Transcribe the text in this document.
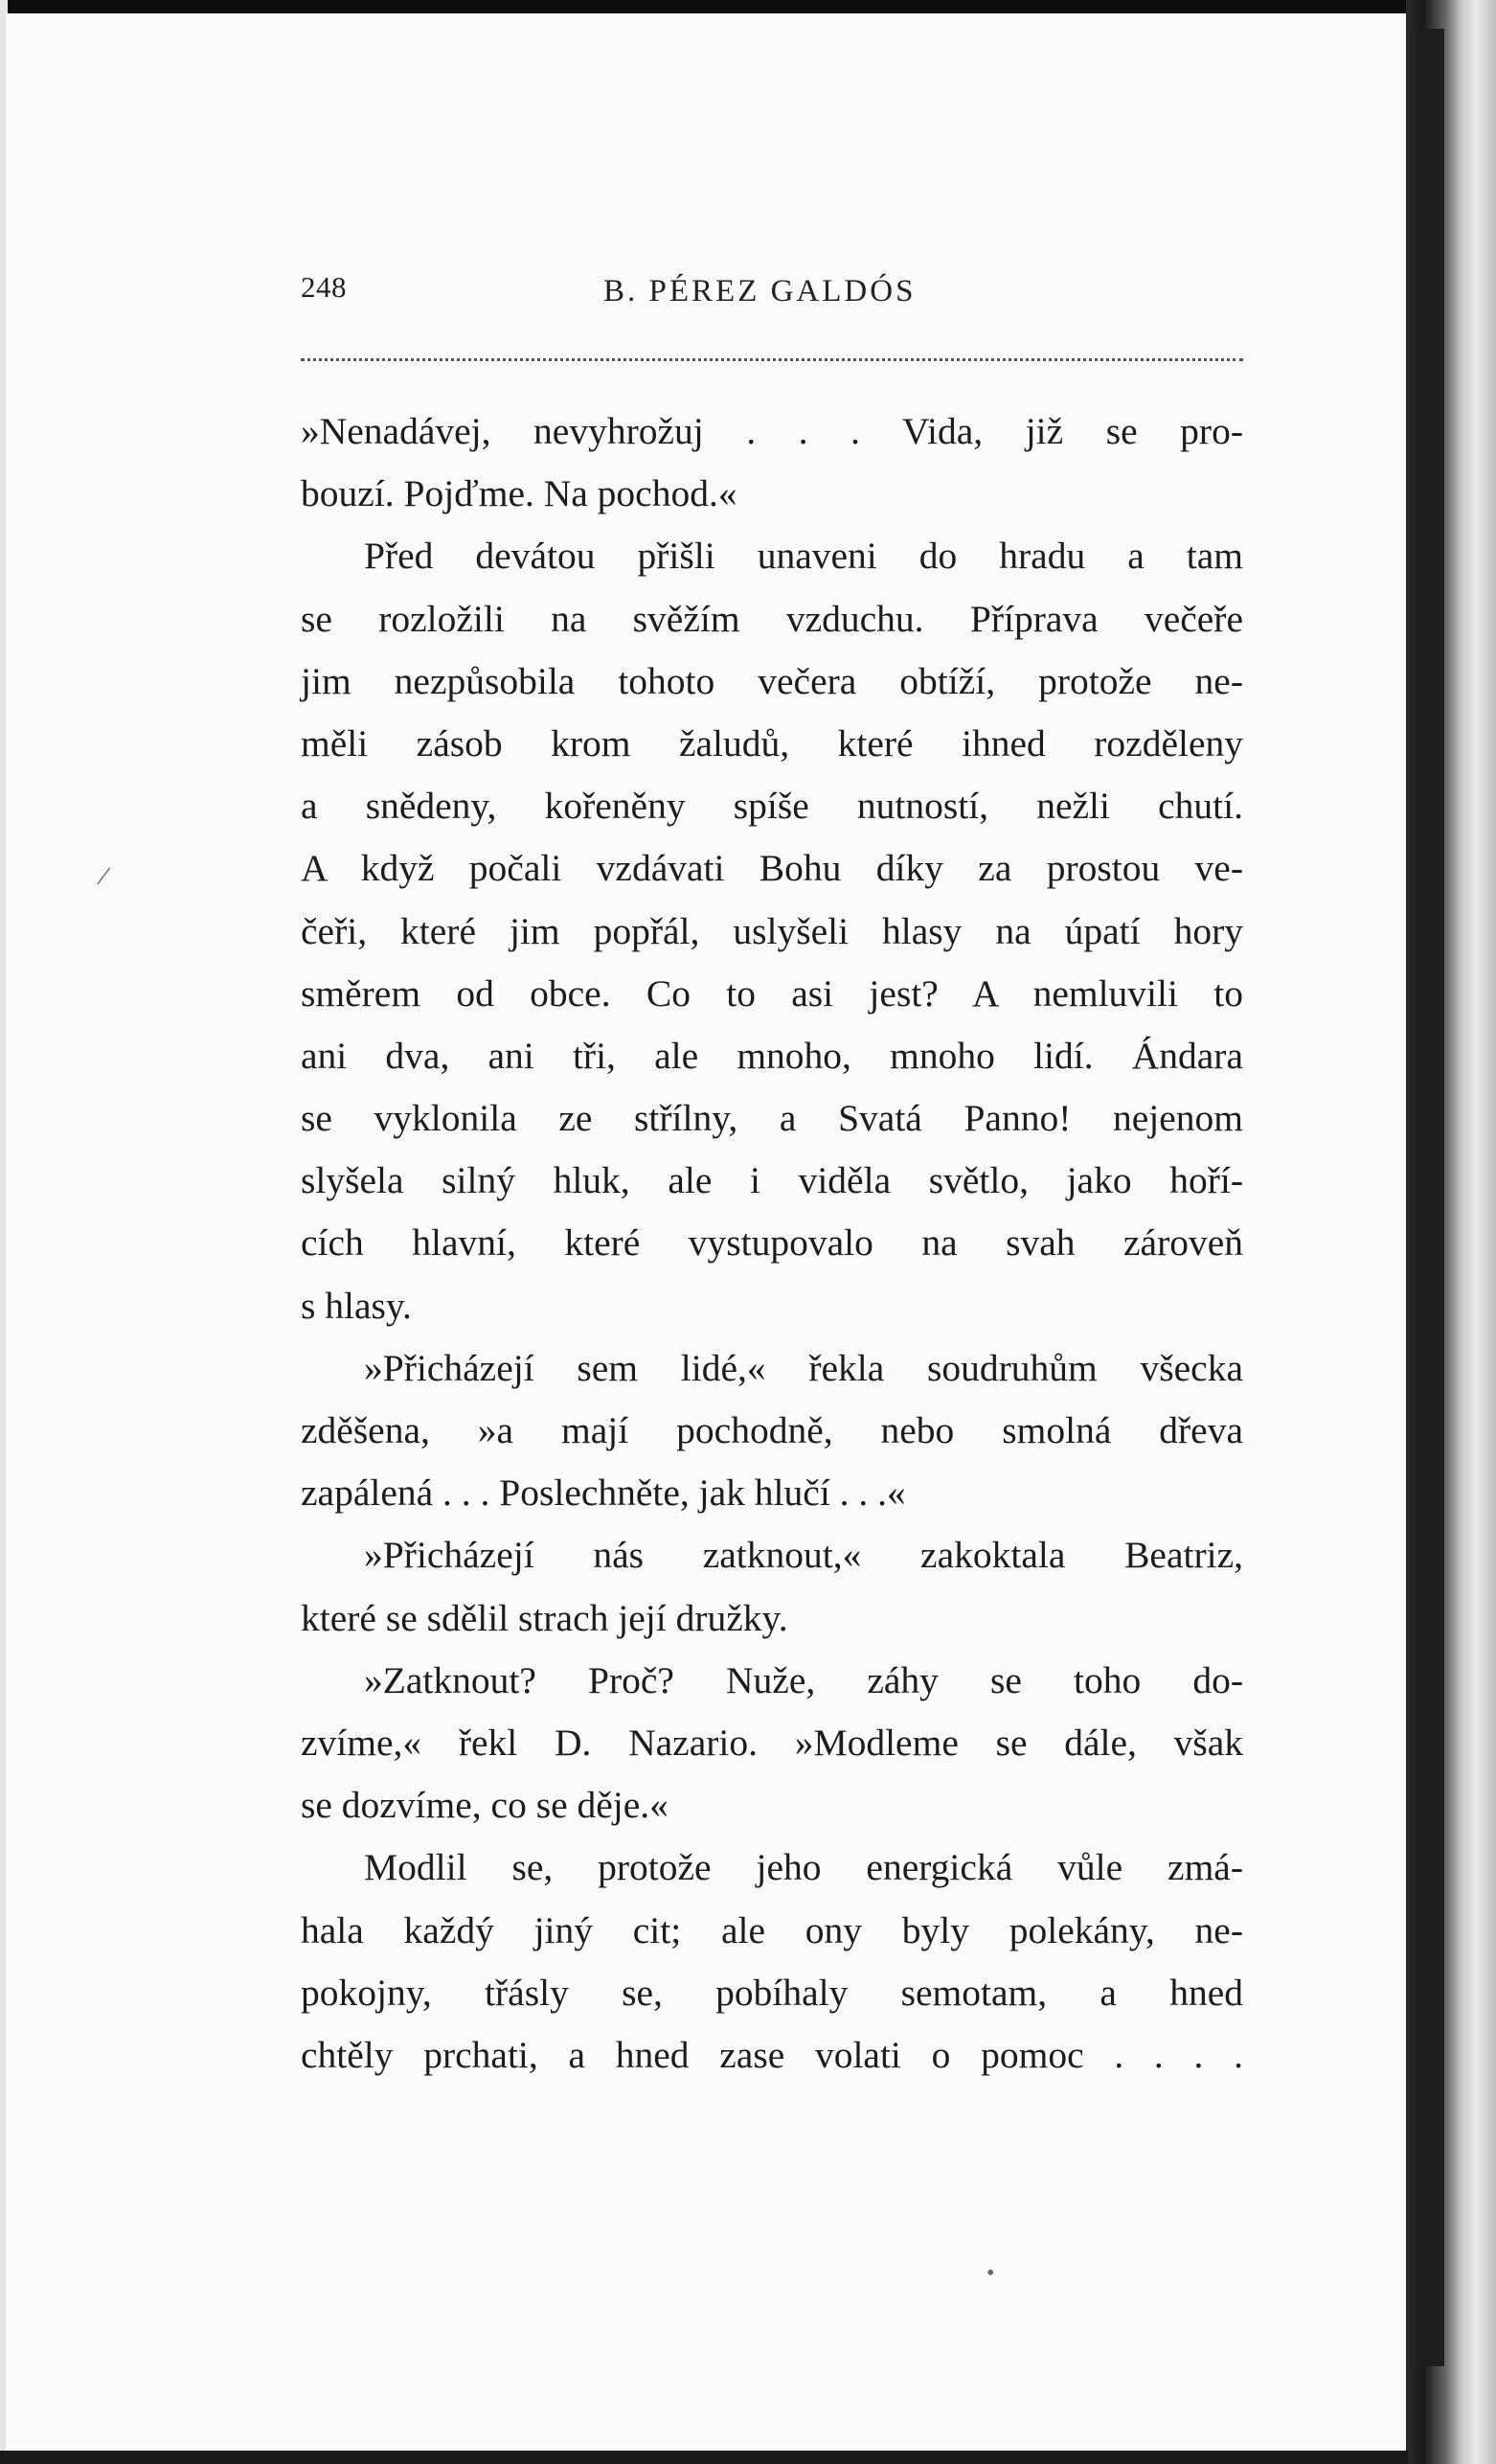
248	B. PÉREZ GALDÓS
»Nenadávej, nevyhrožuj . . . Vida, již se pro-
bouzí. Pojďme. Na pochod.«
Před devátou přišli unaveni do hradu a tam
se rozložili na svěžím vzduchu. Příprava večeře
jim nezpůsobila tohoto večera obtíží, protože ne-
měli zásob krom žaludů, které ihned rozděleny
a snědeny, kořeněny spíše nutností, nežli chutí.
A když počali vzdávati Bohu díky za prostou ve-
čeři, které jim popřál, uslyšeli hlasy na úpatí hory
směrem od obce. Co to asi jest? A nemluvili to
ani dva, ani tři, ale mnoho, mnoho lidí. Ándara
se vyklonila ze střílny, a Svatá Panno! nejenom
slyšela silný hluk, ale i viděla světlo, jako hoří-
cích hlavní, které vystupovalo na svah zároveň
s hlasy.
»Přicházejí sem lidé,« řekla soudruhům všecka
zděšena, »a mají pochodně, nebo smolná dřeva
zapálená . . . Poslechněte, jak hlučí . . .«
»Přicházejí nás zatknout,« zakoktala Beatriz,
které se sdělil strach její družky.
»Zatknout? Proč? Nuže, záhy se toho do-
zvíme,« řekl D. Nazario. »Modleme se dále, však
se dozvíme, co se děje.«
Modlil se, protože jeho energická vůle zmá-
hala každý jiný cit; ale ony byly polekány, ne-
pokojny, třásly se, pobíhaly semotam, a hned
chtěly prchati, a hned zase volati o pomoc . . . .
/
•
